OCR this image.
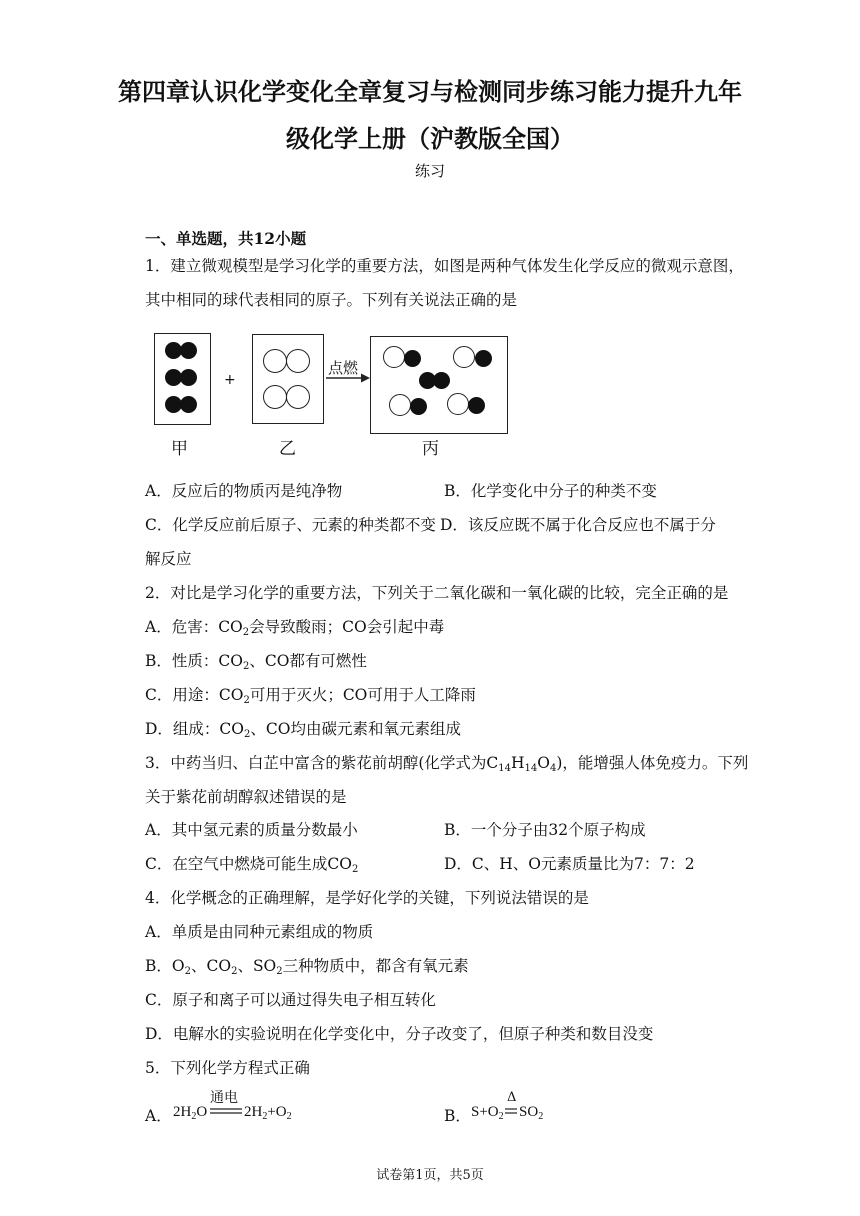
第四章认识化学变化全章复习与检测同步练习能力提升九年
级化学上册（沪教版全国）
练习
一、单选题，共12小题
1．建立微观模型是学习化学的重要方法，如图是两种气体发生化学反应的微观示意图，
其中相同的球代表相同的原子。下列有关说法正确的是
+
点燃
甲	乙	丙
A．反应后的物质丙是纯净物	B．化学变化中分子的种类不变
C．化学反应前后原子、元素的种类都不变 D．该反应既不属于化合反应也不属于分
解反应
2．对比是学习化学的重要方法，下列关于二氧化碳和一氧化碳的比较，完全正确的是
A．危害：$CO_2$会导致酸雨；CO会引起中毒
B．性质：$CO_2$、CO都有可燃性
C．用途：$CO_2$可用于灭火；CO可用于人工降雨
D．组成：$CO_2$、CO均由碳元素和氧元素组成
3．中药当归、白芷中富含的紫花前胡醇(化学式为$C_{14}H_{14}O_4$)，能增强人体免疫力。下列
关于紫花前胡醇叙述错误的是
A．其中氢元素的质量分数最小	B．一个分子由32个原子构成
C．在空气中燃烧可能生成$CO_2$	D．C、H、O元素质量比为7：7：2
4．化学概念的正确理解，是学好化学的关键，下列说法错误的是
A．单质是由同种元素组成的物质
B．$O_2$、$CO_2$、$SO_2$三种物质中，都含有氧元素
C．原子和离子可以通过得失电子相互转化
D．电解水的实验说明在化学变化中，分子改变了，但原子种类和数目没变
5．下列化学方程式正确
A． $2H_2O$
通电
$2H_2+O_2$	B． $S+O_2$
Δ
$SO_2$
试卷第1页，共5页
